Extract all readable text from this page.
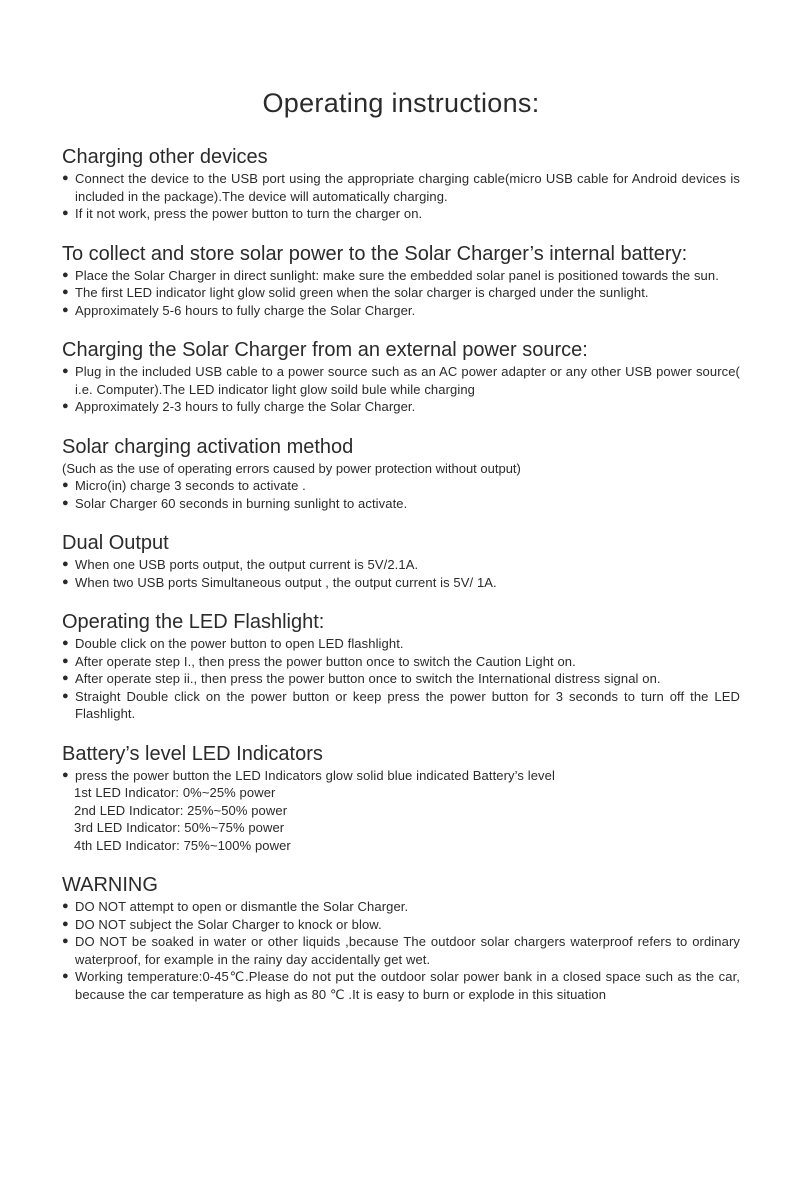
Operating instructions:
Charging other devices
● Connect the device to the USB port using the appropriate charging cable(micro USB cable for Android devices is included in the package).The device will automatically charging.
● If it not work, press the power button to turn the charger on.
To collect and store solar power to the Solar Charger’s internal battery:
● Place the Solar Charger in direct sunlight: make sure the embedded solar panel is positioned towards the sun.
● The first LED indicator light glow solid green when the solar charger is charged under the sunlight.
● Approximately 5-6 hours to fully charge the Solar Charger.
Charging the Solar Charger from an external power source:
● Plug in the included USB cable to a power source such as an AC power adapter or any other USB power source( i.e. Computer).The LED indicator light glow soild bule while charging
● Approximately 2-3 hours to fully charge the Solar Charger.
Solar charging activation method

(Such as the use of operating errors caused by power protection without output)

● Micro(in) charge 3 seconds to activate .
● Solar Charger 60 seconds in burning sunlight to activate.
Dual Output
● When one USB ports output, the output current is 5V/2.1A.
● When two USB ports Simultaneous output , the output current is 5V/ 1A.
Operating the LED Flashlight:
● Double click on the power button to open LED flashlight.
● After operate step I., then press the power button once to switch the Caution Light on.
● After operate step ii., then press the power button once to switch the International distress signal on.
● Straight Double click on the power button or keep press the power button for 3 seconds to turn off the LED Flashlight.
Battery’s level LED Indicators
● press the power button the LED Indicators glow solid blue indicated Battery’s level
1st LED Indicator: 0%~25% power
2nd LED Indicator: 25%~50% power
3rd LED Indicator: 50%~75% power
4th LED Indicator: 75%~100% power
WARNING
● DO NOT attempt to open or dismantle the Solar Charger.
● DO NOT subject the Solar Charger to knock or blow.
● DO NOT be soaked in water or other liquids ,because The outdoor solar chargers waterproof refers to ordinary waterproof, for example in the rainy day accidentally get wet.
● Working temperature:0-45℃.Please do not put the outdoor solar power bank in a closed space such as the car, because the car temperature as high as 80 ℃ .It is easy to burn or explode in this situation
